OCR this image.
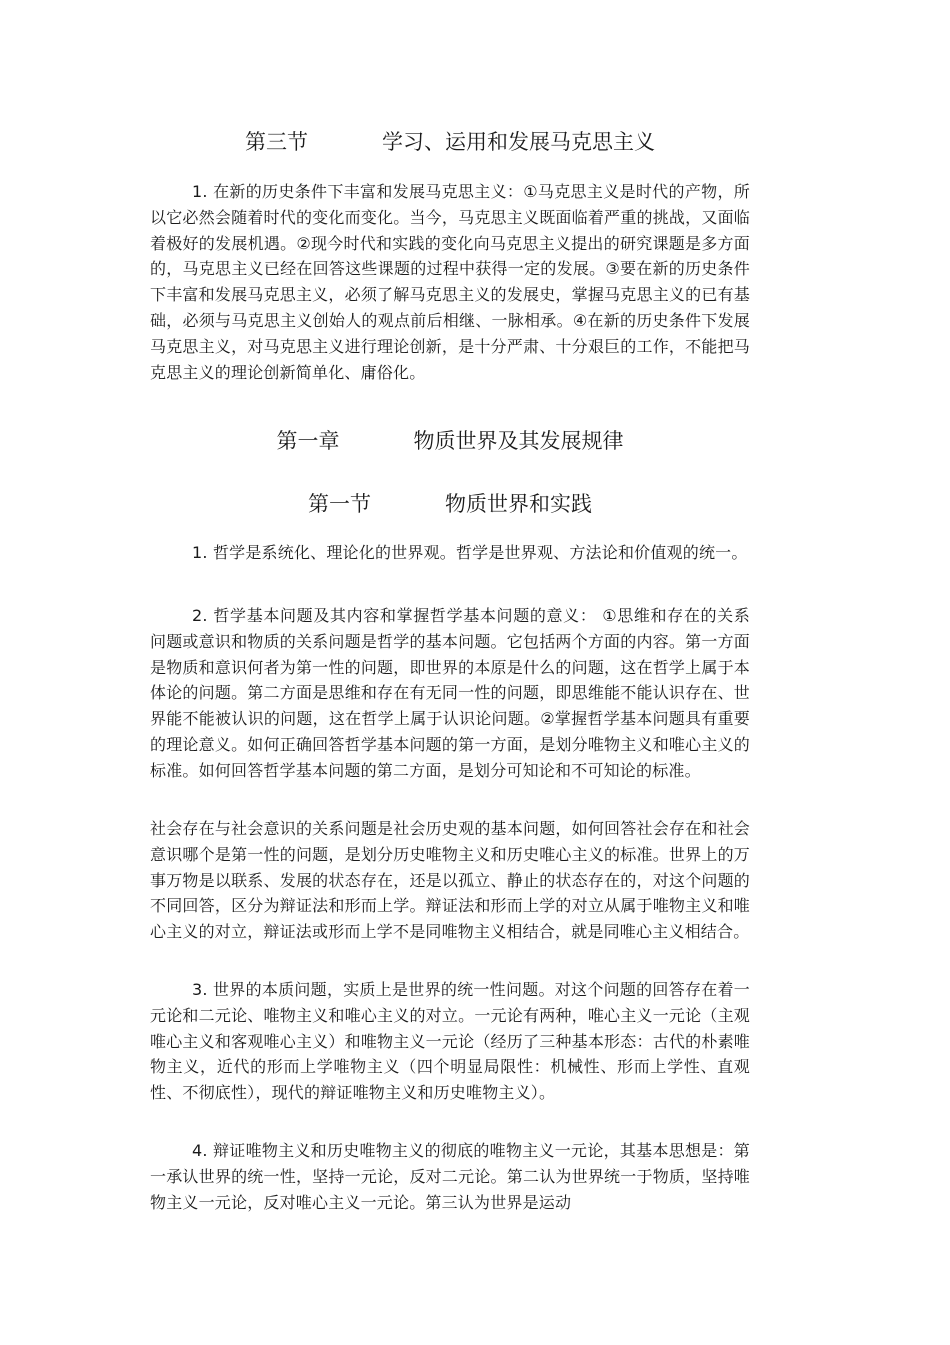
第三节	学习、运用和发展马克思主义

1. 在新的历史条件下丰富和发展马克思主义：①马克思主义是时代的产物，所以它必然会随着时代的变化而变化。当今，马克思主义既面临着严重的挑战，又面临着极好的发展机遇。②现今时代和实践的变化向马克思主义提出的研究课题是多方面的，马克思主义已经在回答这些课题的过程中获得一定的发展。③要在新的历史条件下丰富和发展马克思主义，必须了解马克思主义的发展史，掌握马克思主义的已有基础，必须与马克思主义创始人的观点前后相继、一脉相承。④在新的历史条件下发展马克思主义，对马克思主义进行理论创新，是十分严肃、十分艰巨的工作，不能把马克思主义的理论创新简单化、庸俗化。

第一章	物质世界及其发展规律
第一节	物质世界和实践

1. 哲学是系统化、理论化的世界观。哲学是世界观、方法论和价值观的统一。

2. 哲学基本问题及其内容和掌握哲学基本问题的意义： ①思维和存在的关系问题或意识和物质的关系问题是哲学的基本问题。它包括两个方面的内容。第一方面是物质和意识何者为第一性的问题，即世界的本原是什么的问题，这在哲学上属于本体论的问题。第二方面是思维和存在有无同一性的问题，即思维能不能认识存在、世界能不能被认识的问题，这在哲学上属于认识论问题。②掌握哲学基本问题具有重要的理论意义。如何正确回答哲学基本问题的第一方面，是划分唯物主义和唯心主义的标准。如何回答哲学基本问题的第二方面，是划分可知论和不可知论的标准。

社会存在与社会意识的关系问题是社会历史观的基本问题，如何回答社会存在和社会意识哪个是第一性的问题，是划分历史唯物主义和历史唯心主义的标准。世界上的万事万物是以联系、发展的状态存在，还是以孤立、静止的状态存在的，对这个问题的不同回答，区分为辩证法和形而上学。辩证法和形而上学的对立从属于唯物主义和唯心主义的对立，辩证法或形而上学不是同唯物主义相结合，就是同唯心主义相结合。

3. 世界的本质问题，实质上是世界的统一性问题。对这个问题的回答存在着一元论和二元论、唯物主义和唯心主义的对立。一元论有两种，唯心主义一元论（主观唯心主义和客观唯心主义）和唯物主义一元论（经历了三种基本形态：古代的朴素唯物主义，近代的形而上学唯物主义（四个明显局限性：机械性、形而上学性、直观性、不彻底性），现代的辩证唯物主义和历史唯物主义）。

4. 辩证唯物主义和历史唯物主义的彻底的唯物主义一元论，其基本思想是：第一承认世界的统一性，坚持一元论，反对二元论。第二认为世界统一于物质，坚持唯物主义一元论，反对唯心主义一元论。第三认为世界是运动
